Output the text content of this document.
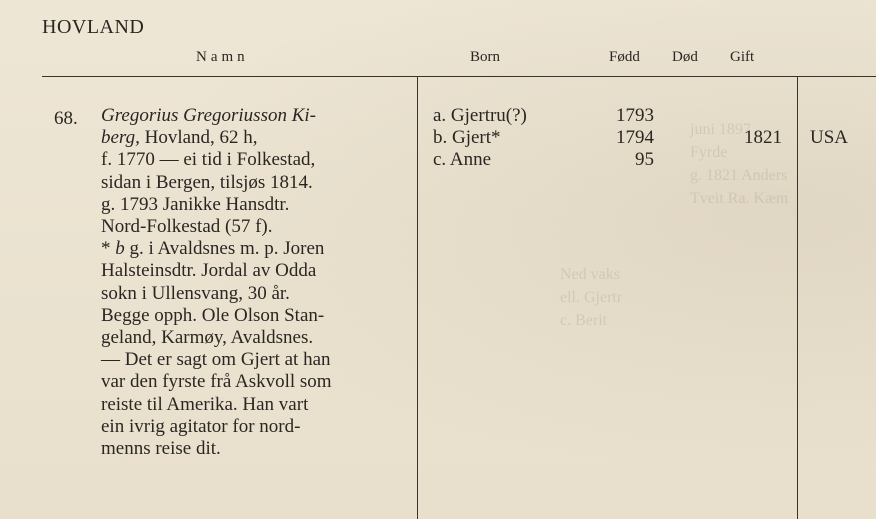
juni 1897
Fyrde
g. 1821 Anders
Tveit Ra. Kæm

Ned vaks
ell. Gjertr
c. Berit

HOVLAND
Namn	Born	Fødd Død Gift
68. Gregorius Gregoriusson Ki-
berg, Hovland, 62 h,
f. 1770 — ei tid i Folkestad,
sidan i Bergen, tilsjøs 1814.
g. 1793 Janikke Hansdtr.
Nord-Folkestad (57 f).
* b g. i Avaldsnes m. p. Joren
Halsteinsdtr. Jordal av Odda
sokn i Ullensvang, 30 år.
Begge opph. Ole Olson Stan-
geland, Karmøy, Avaldsnes.
— Det er sagt om Gjert at han
var den fyrste frå Askvoll som
reiste til Amerika. Han vart
ein ivrig agitator for nord-
menns reise dit.
a. Gjertru(?)
b. Gjert*
c. Anne
1793
1794
95
1821 USA
